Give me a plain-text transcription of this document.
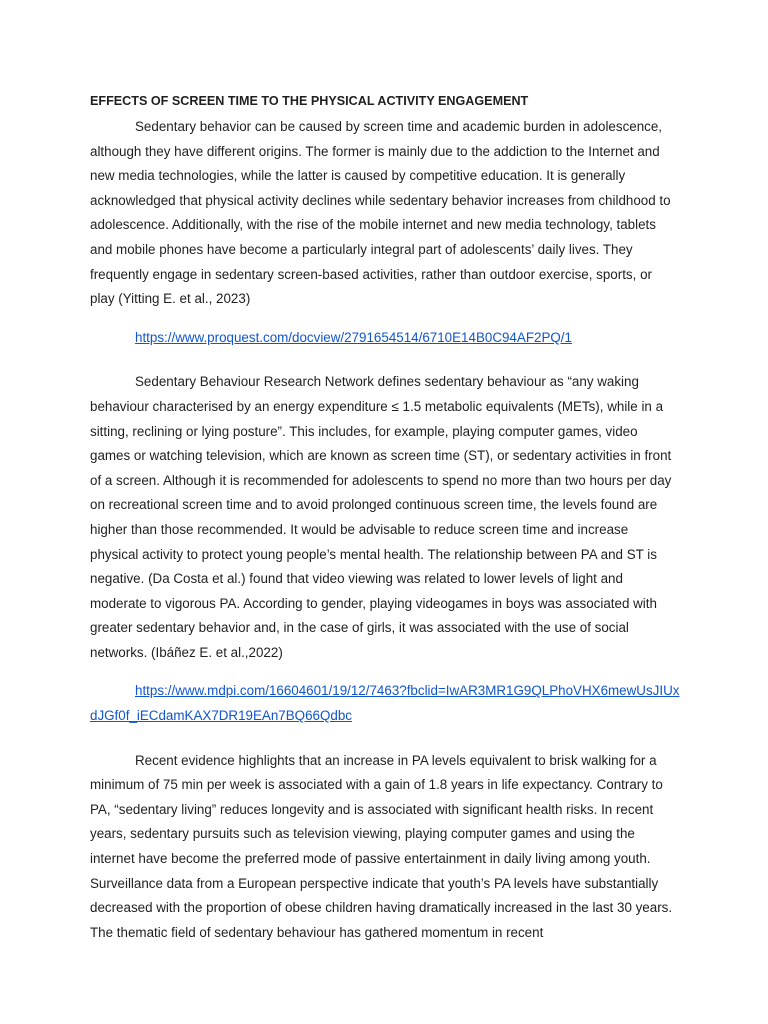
EFFECTS OF SCREEN TIME TO THE PHYSICAL ACTIVITY ENGAGEMENT

Sedentary behavior can be caused by screen time and academic burden in adolescence, although they have different origins. The former is mainly due to the addiction to the Internet and new media technologies, while the latter is caused by competitive education. It is generally acknowledged that physical activity declines while sedentary behavior increases from childhood to adolescence. Additionally, with the rise of the mobile internet and new media technology, tablets and mobile phones have become a particularly integral part of adolescents’ daily lives. They frequently engage in sedentary screen-based activities, rather than outdoor exercise, sports, or play (Yitting E. et al., 2023)

https://www.proquest.com/docview/2791654514/6710E14B0C94AF2PQ/1

Sedentary Behaviour Research Network defines sedentary behaviour as “any waking behaviour characterised by an energy expenditure ≤ 1.5 metabolic equivalents (METs), while in a sitting, reclining or lying posture”. This includes, for example, playing computer games, video games or watching television, which are known as screen time (ST), or sedentary activities in front of a screen. Although it is recommended for adolescents to spend no more than two hours per day on recreational screen time and to avoid prolonged continuous screen time, the levels found are higher than those recommended. It would be advisable to reduce screen time and increase physical activity to protect young people’s mental health. The relationship between PA and ST is negative. (Da Costa et al.) found that video viewing was related to lower levels of light and moderate to vigorous PA. According to gender, playing videogames in boys was associated with greater sedentary behavior and, in the case of girls, it was associated with the use of social networks. (Ibáñez E. et al.,2022)

https://www.mdpi.com/16604601/19/12/7463?fbclid=IwAR3MR1G9QLPhoVHX6mewUsJIUxdJGf0f_iECdamKAX7DR19EAn7BQ66Qdbc

Recent evidence highlights that an increase in PA levels equivalent to brisk walking for a minimum of 75 min per week is associated with a gain of 1.8 years in life expectancy. Contrary to PA, “sedentary living” reduces longevity and is associated with significant health risks. In recent years, sedentary pursuits such as television viewing, playing computer games and using the internet have become the preferred mode of passive entertainment in daily living among youth. Surveillance data from a European perspective indicate that youth’s PA levels have substantially decreased with the proportion of obese children having dramatically increased in the last 30 years. The thematic field of sedentary behaviour has gathered momentum in recent
